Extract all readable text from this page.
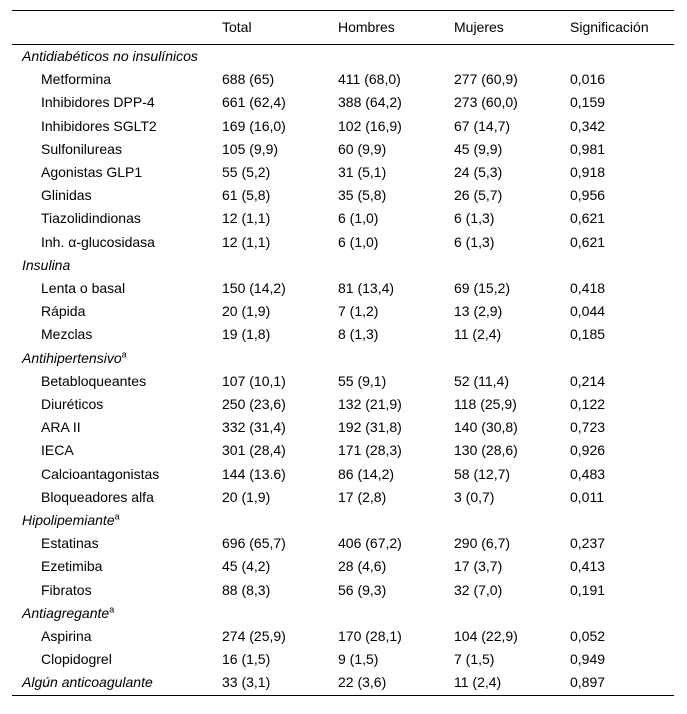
	Total	Hombres	Mujeres	Significación
Antidiabéticos no insulínicos				
Metformina	688 (65)	411 (68,0)	277 (60,9)	0,016
Inhibidores DPP-4	661 (62,4)	388 (64,2)	273 (60,0)	0,159
Inhibidores SGLT2	169 (16,0)	102 (16,9)	67 (14,7)	0,342
Sulfonilureas	105 (9,9)	60 (9,9)	45 (9,9)	0,981
Agonistas GLP1	55 (5,2)	31 (5,1)	24 (5,3)	0,918
Glinidas	61 (5,8)	35 (5,8)	26 (5,7)	0,956
Tiazolidindionas	12 (1,1)	6 (1,0)	6 (1,3)	0,621
Inh. α-glucosidasa	12 (1,1)	6 (1,0)	6 (1,3)	0,621
Insulina				
Lenta o basal	150 (14,2)	81 (13,4)	69 (15,2)	0,418
Rápida	20 (1,9)	7 (1,2)	13 (2,9)	0,044
Mezclas	19 (1,8)	8 (1,3)	11 (2,4)	0,185
Antihipertensivo$^a$
Betabloqueantes	107 (10,1)	55 (9,1)	52 (11,4)	0,214
Diuréticos	250 (23,6)	132 (21,9)	118 (25,9)	0,122
ARA II	332 (31,4)	192 (31,8)	140 (30,8)	0,723
IECA	301 (28,4)	171 (28,3)	130 (28,6)	0,926
Calcioantagonistas	144 (13.6)	86 (14,2)	58 (12,7)	0,483
Bloqueadores alfa	20 (1,9)	17 (2,8)	3 (0,7)	0,011
Hipolipemiante$^a$
Estatinas	696 (65,7)	406 (67,2)	290 (6,7)	0,237
Ezetimiba	45 (4,2)	28 (4,6)	17 (3,7)	0,413
Fibratos	88 (8,3)	56 (9,3)	32 (7,0)	0,191
Antiagregante$^a$
Aspirina	274 (25,9)	170 (28,1)	104 (22,9)	0,052
Clopidogrel	16 (1,5)	9 (1,5)	7 (1,5)	0,949
Algún anticoagulante	33 (3,1)	22 (3,6)	11 (2,4)	0,897
